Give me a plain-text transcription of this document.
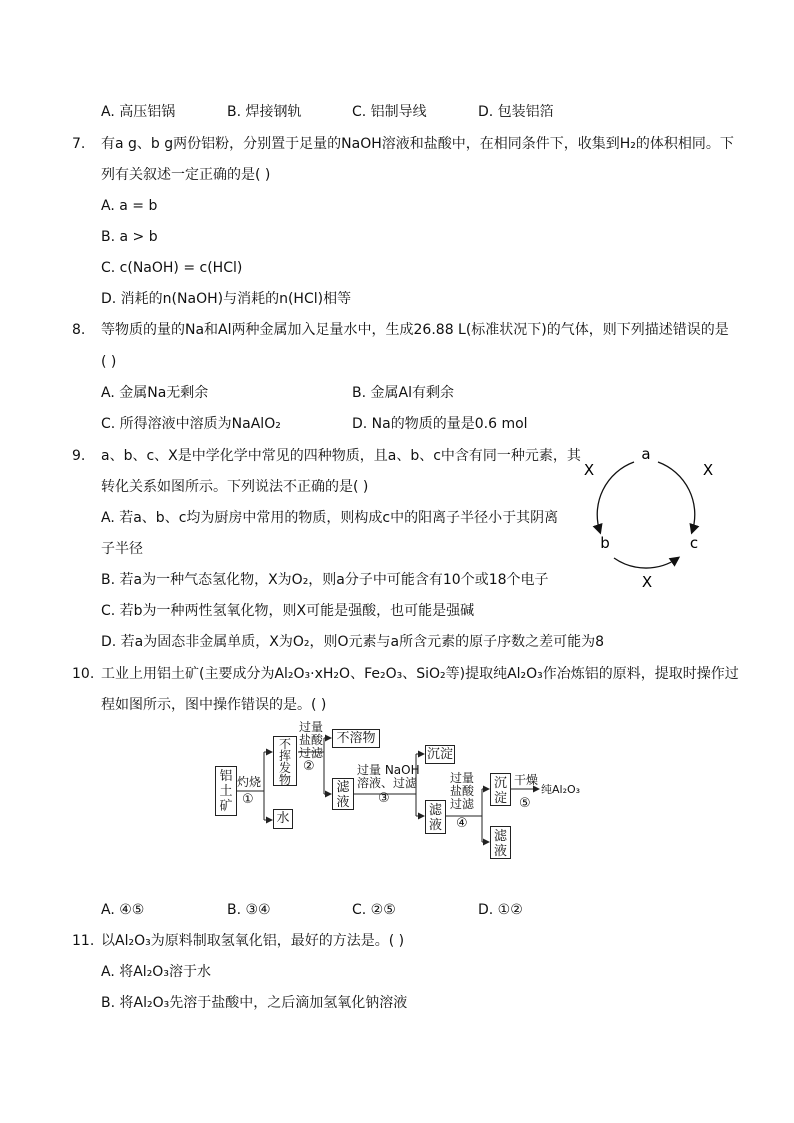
A. 高压铝锅	B. 焊接钢轨	C. 铝制导线	D. 包装铝箔
7. 有a g、b g两份铝粉，分别置于足量的NaOH溶液和盐酸中，在相同条件下，收集到H₂的体积相同。下
列有关叙述一定正确的是( )
A. a = b
B. a > b
C. c(NaOH) = c(HCl)
D. 消耗的n(NaOH)与消耗的n(HCl)相等
8. 等物质的量的Na和Al两种金属加入足量水中，生成26.88 L(标准状况下)的气体，则下列描述错误的是
( )
A. 金属Na无剩余	B. 金属Al有剩余
C. 所得溶液中溶质为NaAlO₂	D. Na的物质的量是0.6 mol
9. a、b、c、X是中学化学中常见的四种物质，且a、b、c中含有同一种元素，其
转化关系如图所示。下列说法不正确的是( )
A. 若a、b、c均为厨房中常用的物质，则构成c中的阳离子半径小于其阴离
子半径
B. 若a为一种气态氢化物，X为O₂，则a分子中可能含有10个或18个电子
C. 若b为一种两性氢氧化物，则X可能是强酸，也可能是强碱
D. 若a为固态非金属单质，X为O₂，则O元素与a所含元素的原子序数之差可能为8
a
b	c
X	X
X
10. 工业上用铝土矿(主要成分为Al₂O₃·xH₂O、Fe₂O₃、SiO₂等)提取纯Al₂O₃作冶炼铝的原料，提取时操作过
程如图所示，图中操作错误的是。( )
铝土矿
灼烧
①
不挥发物
水
过量
盐酸
过滤
②
不溶物
滤液
过量 NaOH
溶液、过滤
③
沉淀
滤液
过量
盐酸
过滤
④
沉淀
滤液
干燥
⑤
纯Al₂O₃
A. ④⑤	B. ③④	C. ②⑤	D. ①②
11. 以Al₂O₃为原料制取氢氧化铝，最好的方法是。( )
A. 将Al₂O₃溶于水
B. 将Al₂O₃先溶于盐酸中，之后滴加氢氧化钠溶液
